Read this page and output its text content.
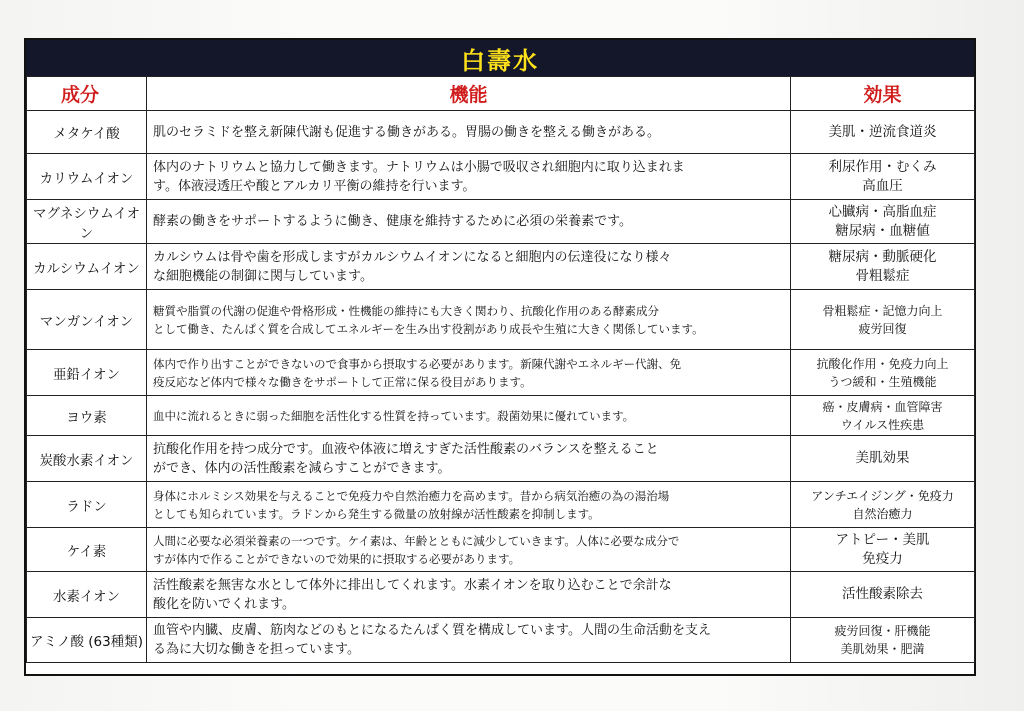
白壽水
成分	機能	効果
メタケイ酸	肌のセラミドを整え新陳代謝も促進する働きがある。胃腸の働きを整える働きがある。	美肌・逆流食道炎

カリウムイオン	体内のナトリウムと協力して働きます。ナトリウムは小腸で吸収され細胞内に取り込まれま
す。体液浸透圧や酸とアルカリ平衡の維持を行います。	利尿作用・むくみ
高血圧

マグネシウムイオン	酵素の働きをサポートするように働き、健康を維持するために必須の栄養素です。	心臓病・高脂血症
糖尿病・血糖値

カルシウムイオン	カルシウムは骨や歯を形成しますがカルシウムイオンになると細胞内の伝達役になり様々
な細胞機能の制御に関与しています。	糖尿病・動脈硬化
骨粗鬆症

マンガンイオン	糖質や脂質の代謝の促進や骨格形成・性機能の維持にも大きく関わり、抗酸化作用のある酵素成分
として働き、たんぱく質を合成してエネルギーを生み出す役割があり成長や生殖に大きく関係しています。	骨粗鬆症・記憶力向上
疲労回復

亜鉛イオン	体内で作り出すことができないので食事から摂取する必要があります。新陳代謝やエネルギー代謝、免
疫反応など体内で様々な働きをサポートして正常に保る役目があります。	抗酸化作用・免疫力向上
うつ緩和・生殖機能

ヨウ素	血中に流れるときに弱った細胞を活性化する性質を持っています。殺菌効果に優れています。	癌・皮膚病・血管障害
ウイルス性疾患

炭酸水素イオン	抗酸化作用を持つ成分です。血液や体液に増えすぎた活性酸素のバランスを整えること
ができ、体内の活性酸素を減らすことができます。	美肌効果

ラドン	身体にホルミシス効果を与えることで免疫力や自然治癒力を高めます。昔から病気治癒の為の湯治場
としても知られています。ラドンから発生する微量の放射線が活性酸素を抑制します。	アンチエイジング・免疫力
自然治癒力

ケイ素	人間に必要な必須栄養素の一つです。ケイ素は、年齢とともに減少していきます。人体に必要な成分で
すが体内で作ることができないので効果的に摂取する必要があります。	アトピー・美肌
免疫力

水素イオン	活性酸素を無害な水として体外に排出してくれます。水素イオンを取り込むことで余計な
酸化を防いでくれます。	活性酸素除去

アミノ酸 (63種類)	血管や内臓、皮膚、筋肉などのもとになるたんぱく質を構成しています。人間の生命活動を支え
る為に大切な働きを担っています。	疲労回復・肝機能
美肌効果・肥満
